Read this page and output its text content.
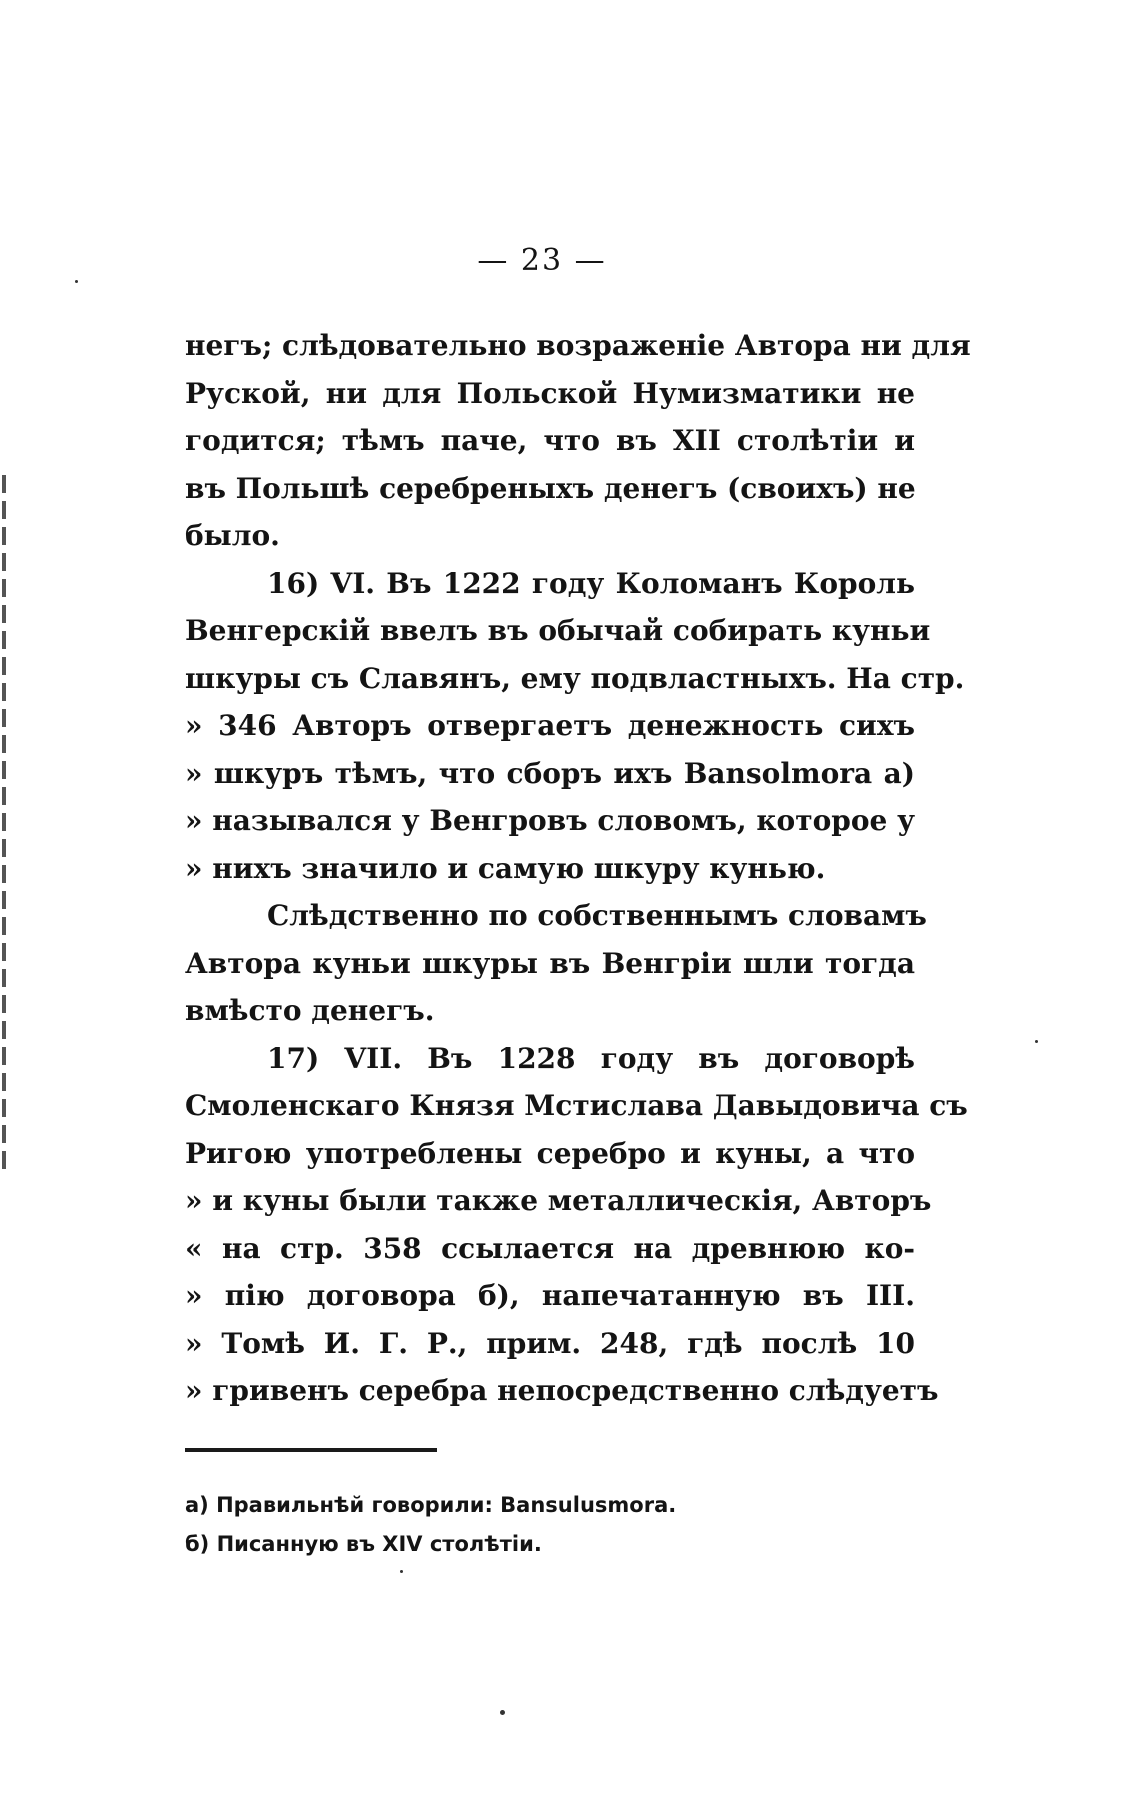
— 23 —
негъ; слѣдовательно возраженіе Автора ни для
Руской, ни для Польской Нумизматики не
годится; тѣмъ паче, что въ XII столѣтіи и
въ Польшѣ серебреныхъ денегъ (своихъ) не
было.
16) VI. Въ 1222 году Коломанъ Король
Венгерскій ввелъ въ обычай собирать куньи
шкуры съ Славянъ, ему подвластныхъ. На стр.
» 346 Авторъ отвергаетъ денежность сихъ
» шкуръ тѣмъ, что сборъ ихъ Bansolmora а)
» назывался у Венгровъ словомъ, которое у
» нихъ значило и самую шкуру кунью.
Слѣдственно по собственнымъ словамъ
Автора куньи шкуры въ Венгріи шли тогда
вмѣсто денегъ.
17) VII. Въ 1228 году въ договорѣ
Смоленскаго Князя Мстислава Давыдовича съ
Ригою употреблены серебро и куны, а что
» и куны были также металлическія, Авторъ
« на стр. 358 ссылается на древнюю ко-
» пію договора б), напечатанную въ III.
» Томѣ И. Г. Р., прим. 248, гдѣ послѣ 10
» гривенъ серебра непосредственно слѣдуетъ
а) Правильнѣй говорили: Bansulusmora.
б) Писанную въ XIV столѣтіи.
